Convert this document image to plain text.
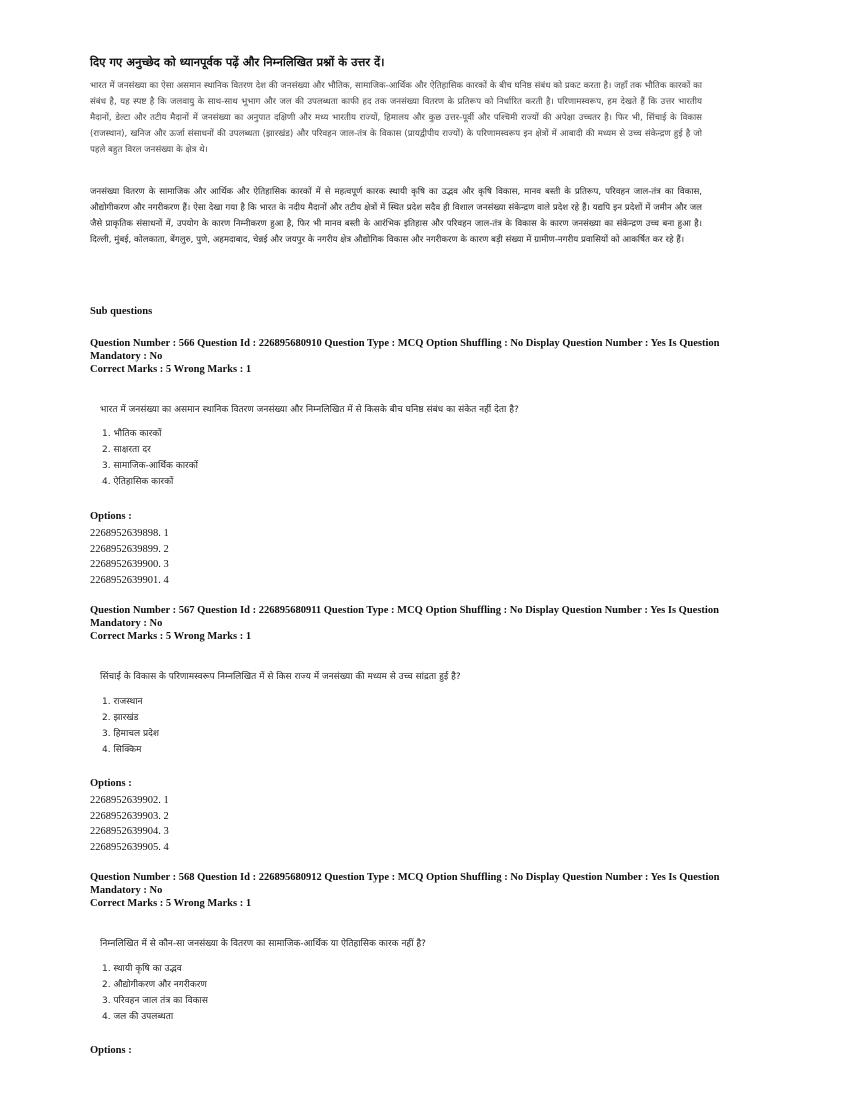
दिए गए अनुच्छेद को ध्यानपूर्वक पढ़ें और निम्नलिखित प्रश्नों के उत्तर दें।
भारत में जनसंख्या का ऐसा असमान स्थानिक वितरण देश की जनसंख्या और भौतिक, सामाजिक-आर्थिक और ऐतिहासिक कारकों के बीच घनिष्ठ संबंध को प्रकट करता है। जहाँ तक भौतिक कारकों का संबंध है, यह स्पष्ट है कि जलवायु के साथ-साथ भूभाग और जल की उपलब्धता काफी हद तक जनसंख्या वितरण के प्रतिरूप को निर्धारित करती है। परिणामस्वरूप, हम देखते हैं कि उत्तर भारतीय मैदानों, डेल्टा और तटीय मैदानों में जनसंख्या का अनुपात दक्षिणी और मध्य भारतीय राज्यों, हिमालय और कुछ उत्तर-पूर्वी और पश्चिमी राज्यों की अपेक्षा उच्चतर है। फिर भी, सिंचाई के विकास (राजस्थान), खनिज और ऊर्जा संसाधनों की उपलब्धता (झारखंड) और परिवहन जाल-तंत्र के विकास (प्रायद्वीपीय राज्यों) के परिणामस्वरूप इन क्षेत्रों में आबादी की मध्यम से उच्च संकेन्द्रण हुई है जो पहले बहुत विरल जनसंख्या के क्षेत्र थे।
जनसंख्या वितरण के सामाजिक और आर्थिक और ऐतिहासिक कारकों में से महत्वपूर्ण कारक स्थायी कृषि का उद्भव और कृषि विकास, मानव बस्ती के प्रतिरूप, परिवहन जाल-तंत्र का विकास, औद्योगीकरण और नगरीकरण हैं। ऐसा देखा गया है कि भारत के नदीय मैदानों और तटीय क्षेत्रों में स्थित प्रदेश सदैव ही विशाल जनसंख्या संकेन्द्रण वाले प्रदेश रहे हैं। यद्यपि इन प्रदेशों में जमीन और जल जैसे प्राकृतिक संसाधनों में, उपयोग के कारण निम्नीकरण हुआ है, फिर भी मानव बस्ती के आरंभिक इतिहास और परिवहन जाल-तंत्र के विकास के कारण जनसंख्या का संकेन्द्रण उच्च बना हुआ है। दिल्ली, मुंबई, कोलकाता, बेंगलुरु, पुणे, अहमदाबाद, चेन्नई और जयपुर के नगरीय क्षेत्र औद्योगिक विकास और नगरीकरण के कारण बड़ी संख्या में ग्रामीण-नगरीय प्रवासियों को आकर्षित कर रहे हैं।
Sub questions
Question Number : 566 Question Id : 226895680910 Question Type : MCQ Option Shuffling : No Display Question Number : Yes Is Question Mandatory : No
Correct Marks : 5 Wrong Marks : 1
भारत में जनसंख्या का असमान स्थानिक वितरण जनसंख्या और निम्नलिखित में से किसके बीच घनिष्ठ संबंध का संकेत नहीं देता है?
1. भौतिक कारकों
2. साक्षरता दर
3. सामाजिक-आर्थिक कारकों
4. ऐतिहासिक कारकों
Options :
2268952639898. 1
2268952639899. 2
2268952639900. 3
2268952639901. 4
Question Number : 567 Question Id : 226895680911 Question Type : MCQ Option Shuffling : No Display Question Number : Yes Is Question Mandatory : No
Correct Marks : 5 Wrong Marks : 1
सिंचाई के विकास के परिणामस्वरूप निम्नलिखित में से किस राज्य में जनसंख्या की मध्यम से उच्च सांद्रता हुई है?
1. राजस्थान
2. झारखंड
3. हिमाचल प्रदेश
4. सिक्किम
Options :
2268952639902. 1
2268952639903. 2
2268952639904. 3
2268952639905. 4
Question Number : 568 Question Id : 226895680912 Question Type : MCQ Option Shuffling : No Display Question Number : Yes Is Question Mandatory : No
Correct Marks : 5 Wrong Marks : 1
निम्नलिखित में से कौन-सा जनसंख्या के वितरण का सामाजिक-आर्थिक या ऐतिहासिक कारक नहीं है?
1. स्थायी कृषि का उद्भव
2. औद्योगीकरण और नगरीकरण
3. परिवहन जाल तंत्र का विकास
4. जल की उपलब्धता
Options :
